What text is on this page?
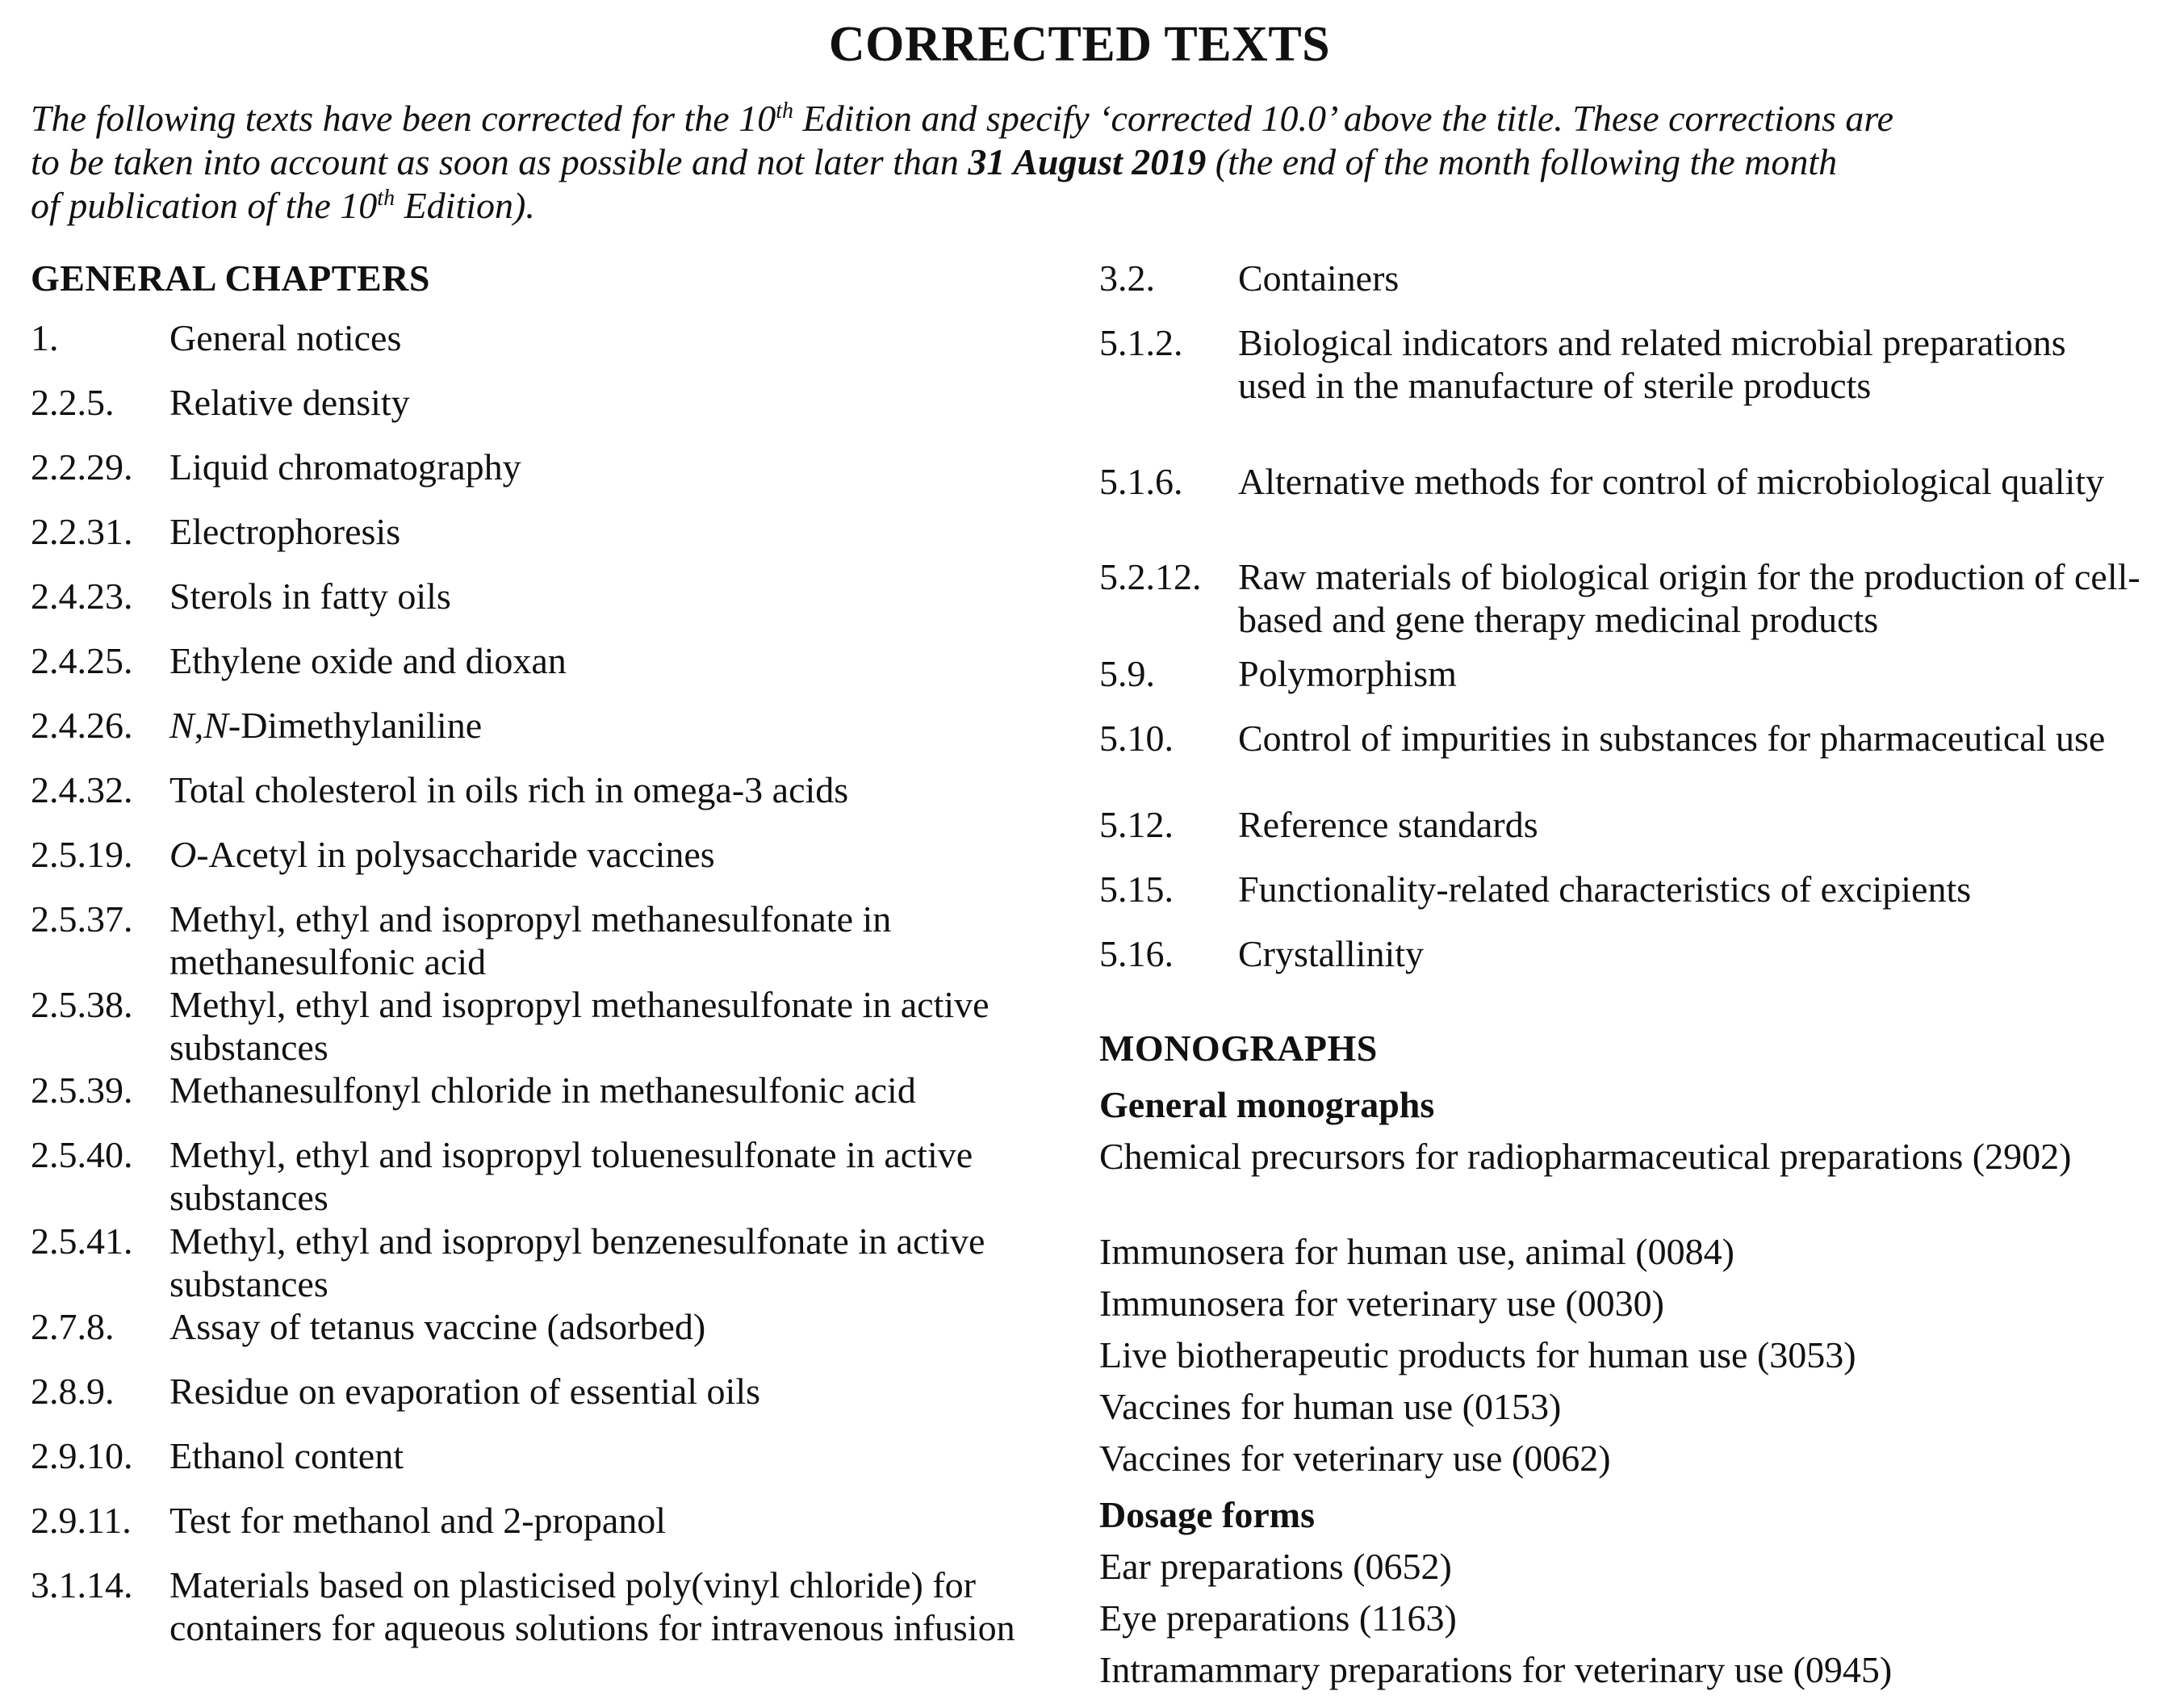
CORRECTED TEXTS
The following texts have been corrected for the 10th Edition and specify ‘corrected 10.0’ above the title. These corrections are
to be taken into account as soon as possible and not later than 31 August 2019 (the end of the month following the month
of publication of the 10th Edition).
GENERAL CHAPTERS
1.	General notices
2.2.5. Relative density
2.2.29. Liquid chromatography
2.2.31. Electrophoresis
2.4.23. Sterols in fatty oils
2.4.25. Ethylene oxide and dioxan
2.4.26. N,N-Dimethylaniline
2.4.32. Total cholesterol in oils rich in omega-3 acids
2.5.19. O-Acetyl in polysaccharide vaccines
2.5.37. Methyl, ethyl and isopropyl methanesulfonate in methanesulfonic acid
2.5.38. Methyl, ethyl and isopropyl methanesulfonate in active substances
2.5.39. Methanesulfonyl chloride in methanesulfonic acid
2.5.40. Methyl, ethyl and isopropyl toluenesulfonate in active substances
2.5.41. Methyl, ethyl and isopropyl benzenesulfonate in active substances
2.7.8. Assay of tetanus vaccine (adsorbed)
2.8.9. Residue on evaporation of essential oils
2.9.10. Ethanol content
2.9.11. Test for methanol and 2-propanol
3.1.14. Materials based on plasticised poly(vinyl chloride) for containers for aqueous solutions for intravenous infusion
3.2. Containers
5.1.2. Biological indicators and related microbial preparations used in the manufacture of sterile products
5.1.6. Alternative methods for control of microbiological quality
5.2.12. Raw materials of biological origin for the production of cell-based and gene therapy medicinal products
5.9. Polymorphism
5.10. Control of impurities in substances for pharmaceutical use
5.12. Reference standards
5.15. Functionality-related characteristics of excipients
5.16. Crystallinity
MONOGRAPHS
General monographs
Chemical precursors for radiopharmaceutical preparations (2902)
Immunosera for human use, animal (0084)
Immunosera for veterinary use (0030)
Live biotherapeutic products for human use (3053)
Vaccines for human use (0153)
Vaccines for veterinary use (0062)
Dosage forms
Ear preparations (0652)
Eye preparations (1163)
Intramammary preparations for veterinary use (0945)
